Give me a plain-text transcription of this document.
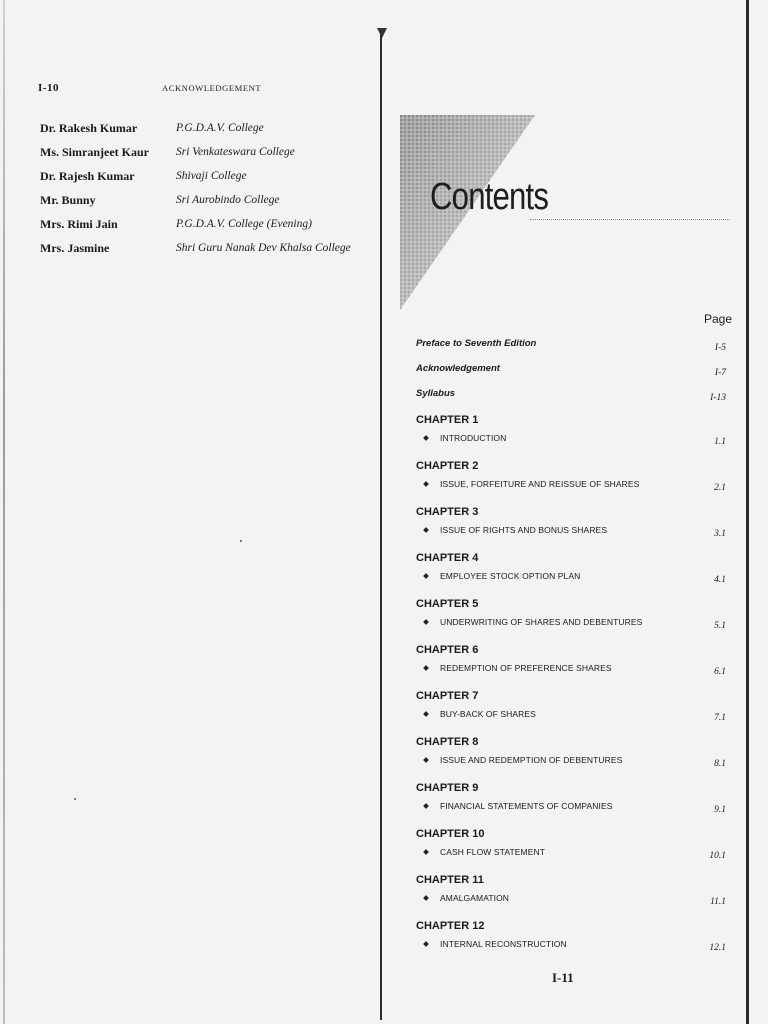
I-10	ACKNOWLEDGEMENT
Dr. Rakesh Kumar	P.G.D.A.V. College
Ms. Simranjeet Kaur	Sri Venkateswara College
Dr. Rajesh Kumar	Shivaji College
Mr. Bunny	Sri Aurobindo College
Mrs. Rimi Jain	P.G.D.A.V. College (Evening)
Mrs. Jasmine	Shri Guru Nanak Dev Khalsa College
Contents
Page
Preface to Seventh Edition	I-5
Acknowledgement	I-7
Syllabus	I-13
CHAPTER 1
INTRODUCTION	1.1
CHAPTER 2
ISSUE, FORFEITURE AND REISSUE OF SHARES	2.1
CHAPTER 3
ISSUE OF RIGHTS AND BONUS SHARES	3.1
CHAPTER 4
EMPLOYEE STOCK OPTION PLAN	4.1
CHAPTER 5
UNDERWRITING OF SHARES AND DEBENTURES	5.1
CHAPTER 6
REDEMPTION OF PREFERENCE SHARES	6.1
CHAPTER 7
BUY-BACK OF SHARES	7.1
CHAPTER 8
ISSUE AND REDEMPTION OF DEBENTURES	8.1
CHAPTER 9
FINANCIAL STATEMENTS OF COMPANIES	9.1
CHAPTER 10
CASH FLOW STATEMENT	10.1
CHAPTER 11
AMALGAMATION	11.1
CHAPTER 12
INTERNAL RECONSTRUCTION	12.1
I-11
